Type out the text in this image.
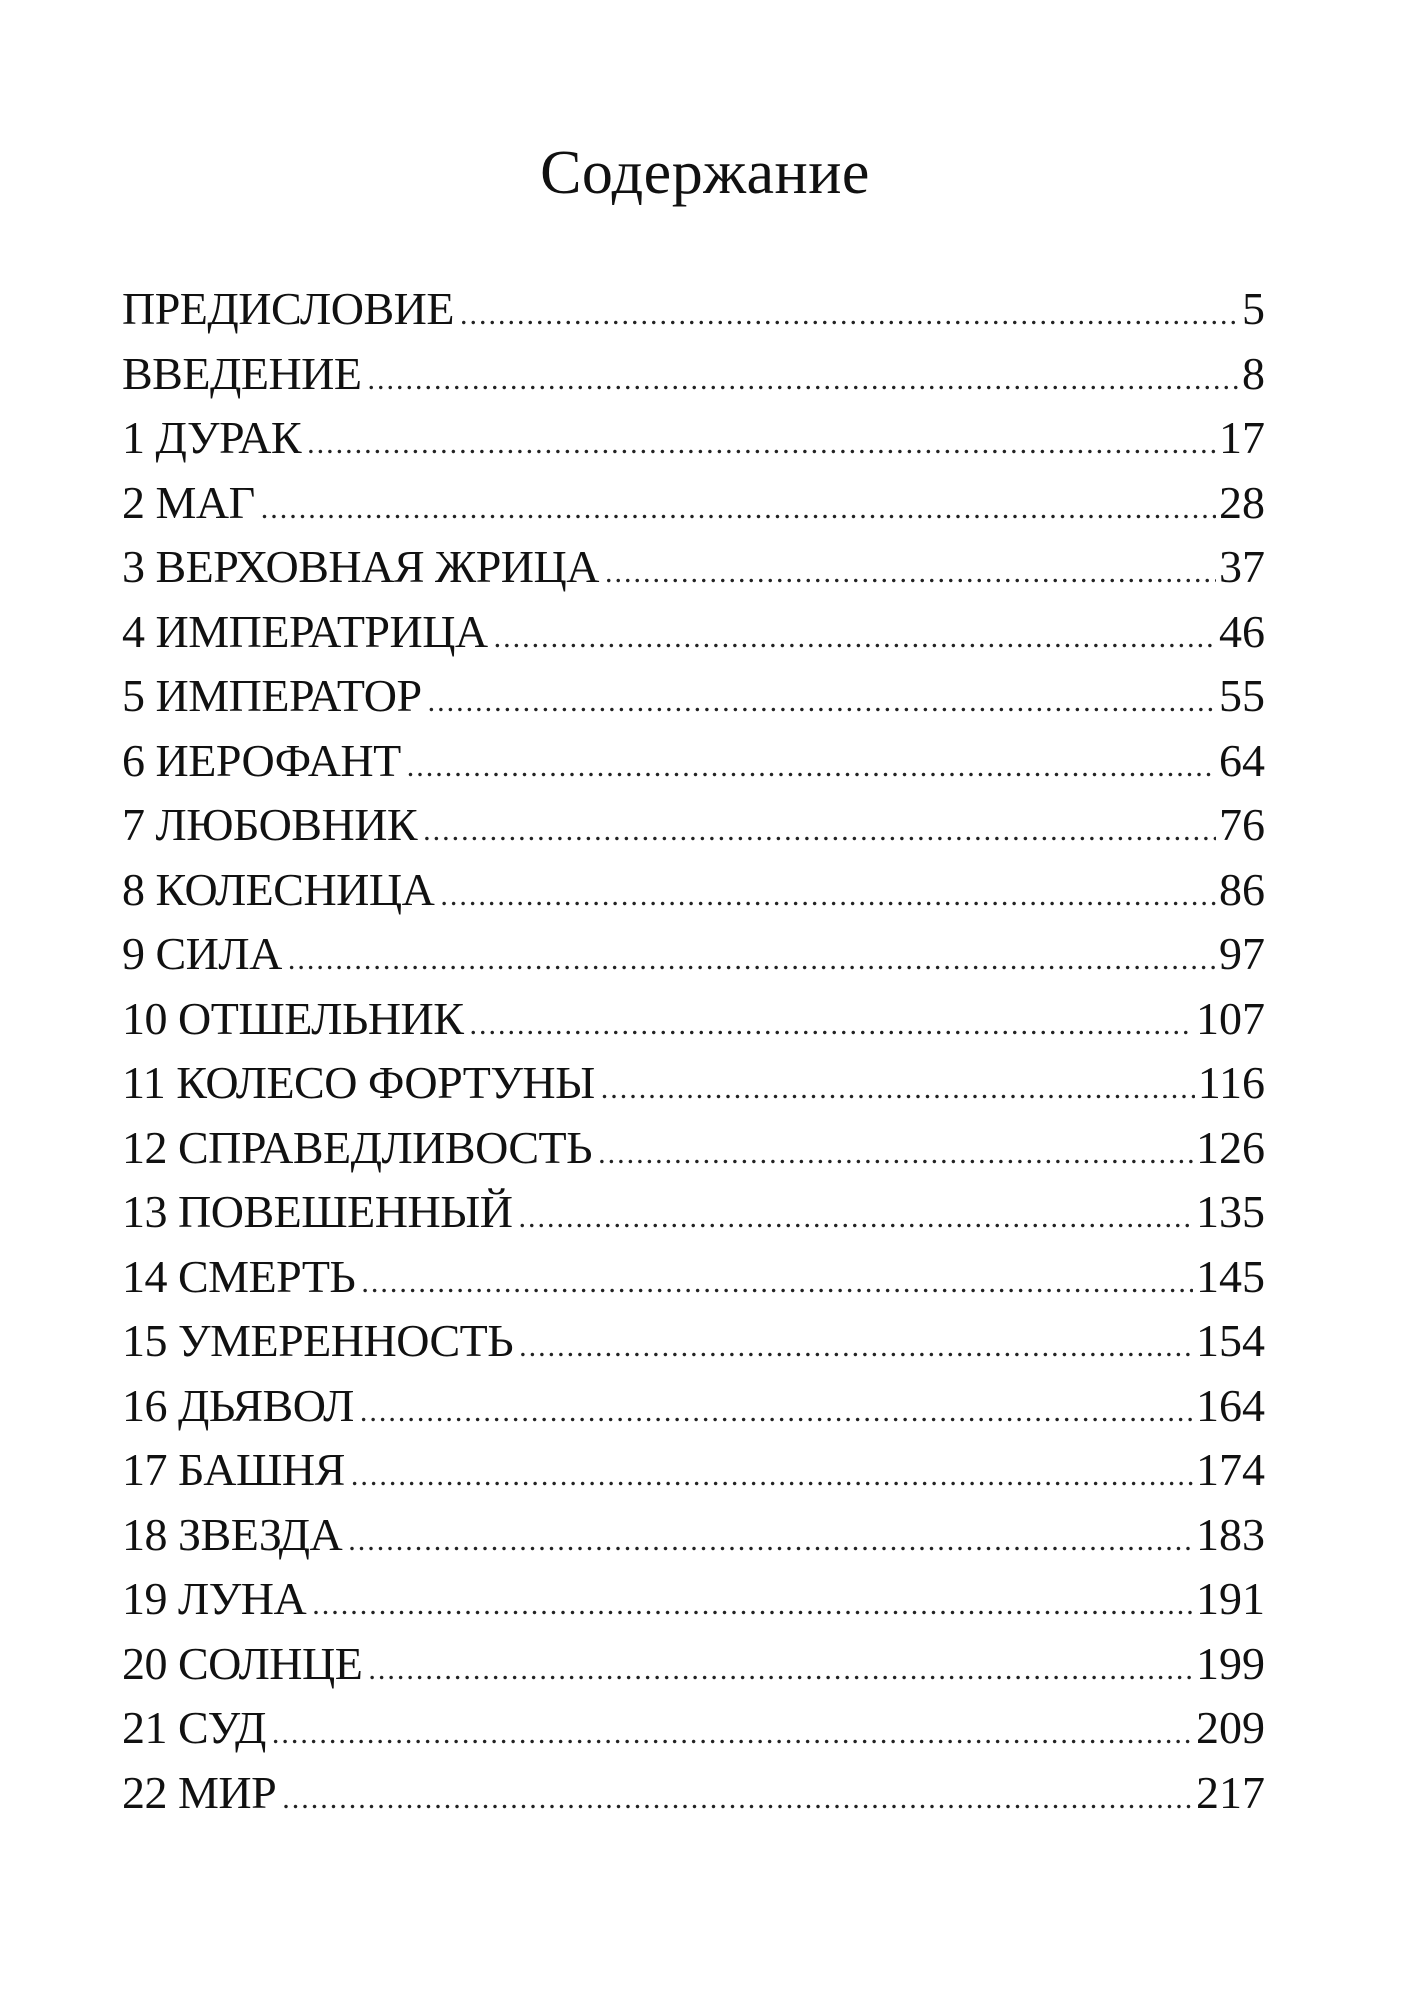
Содержание
ПРЕДИСЛОВИЕ .....	5
ВВЕДЕНИЕ .....	8
1 ДУРАК .....	17
2 МАГ .....	28
3 ВЕРХОВНАЯ ЖРИЦА .....	37
4 ИМПЕРАТРИЦА .....	46
5 ИМПЕРАТОР .....	55
6 ИЕРОФАНТ .....	64
7 ЛЮБОВНИК .....	76
8 КОЛЕСНИЦА .....	86
9 СИЛА .....	97
10 ОТШЕЛЬНИК .....	107
11 КОЛЕСО ФОРТУНЫ .....	116
12 СПРАВЕДЛИВОСТЬ .....	126
13 ПОВЕШЕННЫЙ .....	135
14 СМЕРТЬ .....	145
15 УМЕРЕННОСТЬ .....	154
16 ДЬЯВОЛ .....	164
17 БАШНЯ .....	174
18 ЗВЕЗДА .....	183
19 ЛУНА .....	191
20 СОЛНЦЕ .....	199
21 СУД .....	209
22 МИР .....	217
